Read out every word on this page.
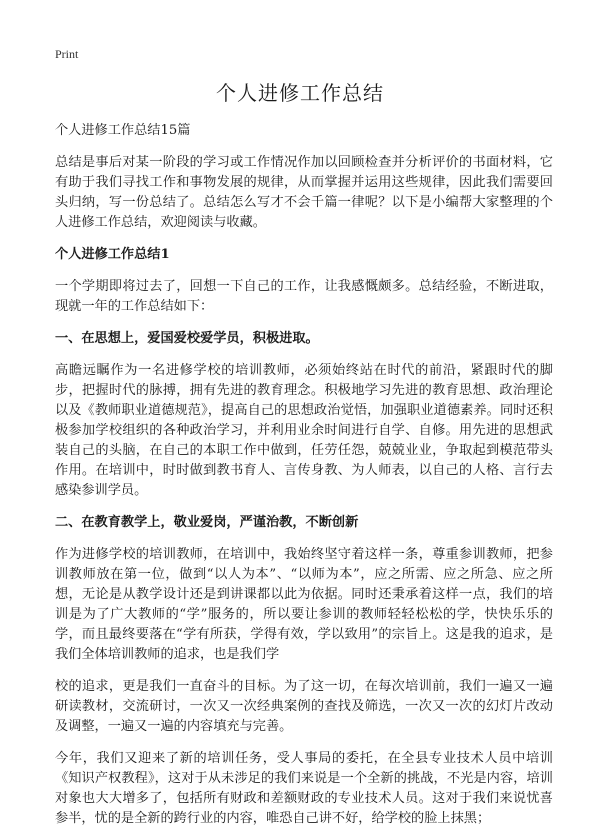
Print
个人进修工作总结

个人进修工作总结15篇

总结是事后对某一阶段的学习或工作情况作加以回顾检查并分析评价的书面材料，它有助于我们寻找工作和事物发展的规律，从而掌握并运用这些规律，因此我们需要回头归纳，写一份总结了。总结怎么写才不会千篇一律呢？以下是小编帮大家整理的个人进修工作总结，欢迎阅读与收藏。

个人进修工作总结1

一个学期即将过去了，回想一下自己的工作，让我感慨颇多。总结经验，不断进取，现就一年的工作总结如下：

一、在思想上，爱国爱校爱学员，积极进取。

高瞻远瞩作为一名进修学校的培训教师，必须始终站在时代的前沿，紧跟时代的脚步，把握时代的脉搏，拥有先进的教育理念。积极地学习先进的教育思想、政治理论以及《教师职业道德规范》，提高自己的思想政治觉悟，加强职业道德素养。同时还积极参加学校组织的各种政治学习，并利用业余时间进行自学、自修。用先进的思想武装自己的头脑，在自己的本职工作中做到，任劳任怨，兢兢业业，争取起到模范带头作用。在培训中，时时做到教书育人、言传身教、为人师表，以自己的人格、言行去感染参训学员。

二、在教育教学上，敬业爱岗，严谨治教，不断创新

作为进修学校的培训教师，在培训中，我始终坚守着这样一条，尊重参训教师，把参训教师放在第一位，做到“以人为本”、“以师为本”，应之所需、应之所急、应之所想，无论是从教学设计还是到讲课都以此为依据。同时还秉承着这样一点，我们的培训是为了广大教师的“学”服务的，所以要让参训的教师轻轻松松的学，快快乐乐的学，而且最终要落在“学有所获，学得有效，学以致用”的宗旨上。这是我的追求，是我们全体培训教师的追求，也是我们学

校的追求，更是我们一直奋斗的目标。为了这一切，在每次培训前，我们一遍又一遍研读教材，交流研讨，一次又一次经典案例的查找及筛选，一次又一次的幻灯片改动及调整，一遍又一遍的内容填充与完善。

今年，我们又迎来了新的培训任务，受人事局的委托，在全县专业技术人员中培训《知识产权教程》，这对于从未涉足的我们来说是一个全新的挑战，不光是内容，培训对象也大大增多了，包括所有财政和差额财政的专业技术人员。这对于我们来说忧喜参半，忧的是全新的跨行业的内容，唯恐自己讲不好，给学校的脸上抹黑；
